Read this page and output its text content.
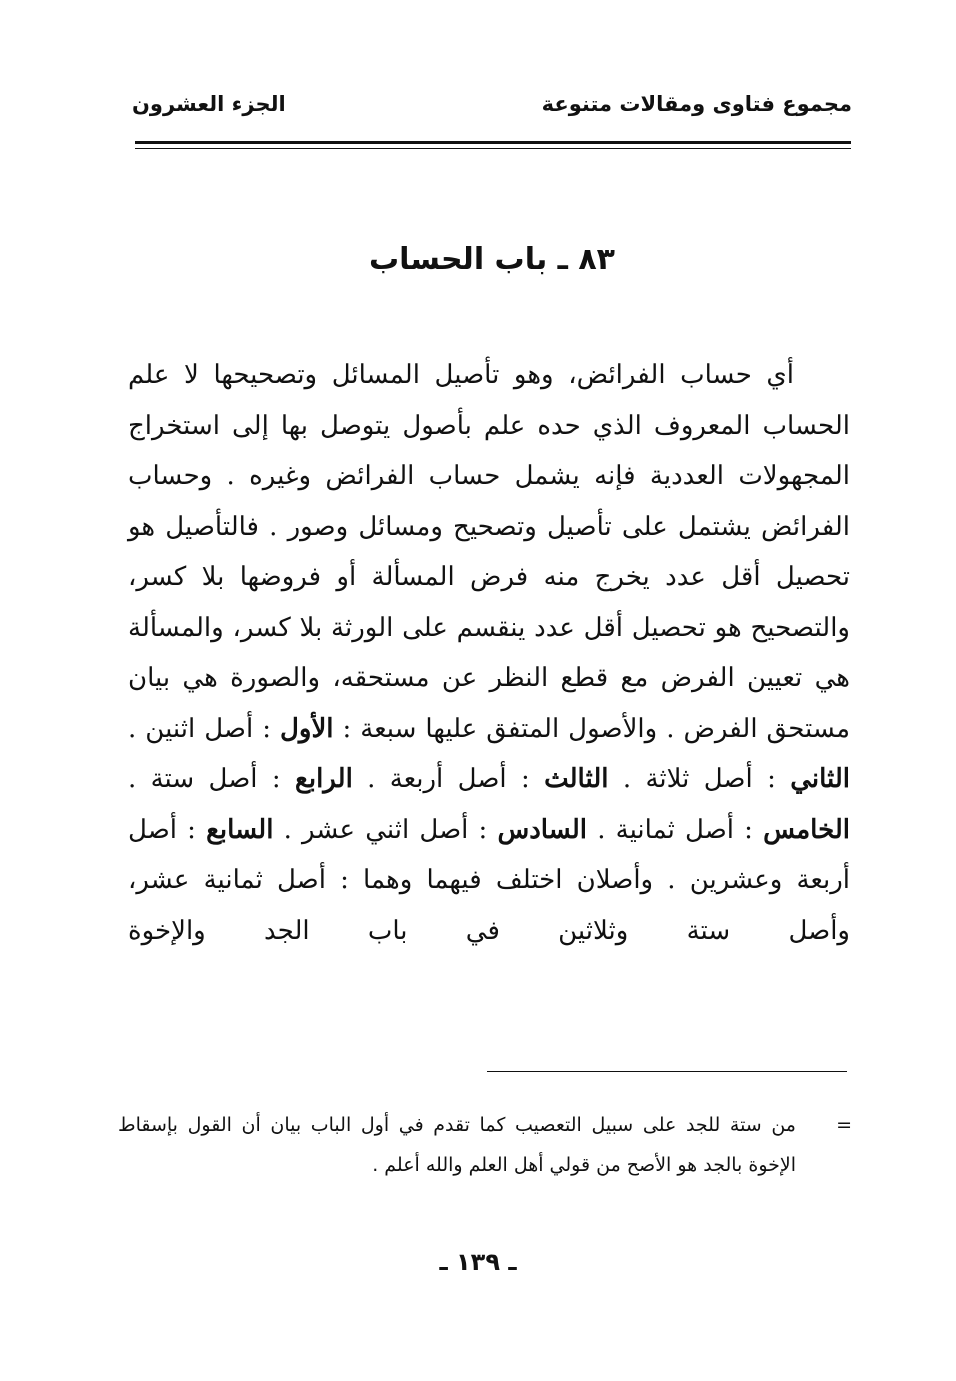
مجموع فتاوى ومقالات متنوعة
الجزء العشرون
٨٣ ـ باب الحساب

أي حساب الفرائض، وهو تأصيل المسائل وتصحيحها لا علم الحساب المعروف الذي حده علم بأصول يتوصل بها إلى استخراج المجهولات العددية فإنه يشمل حساب الفرائض وغيره . وحساب الفرائض يشتمل على تأصيل وتصحيح ومسائل وصور . فالتأصيل هو تحصيل أقل عدد يخرج منه فرض المسألة أو فروضها بلا كسر، والتصحيح هو تحصيل أقل عدد ينقسم على الورثة بلا كسر، والمسألة هي تعيين الفرض مع قطع النظر عن مستحقه، والصورة هي بيان مستحق الفرض . والأصول المتفق عليها سبعة : الأول : أصل اثنين . الثاني : أصل ثلاثة . الثالث : أصل أربعة . الرابع : أصل ستة . الخامس : أصل ثمانية . السادس : أصل اثني عشر . السابع : أصل أربعة وعشرين . وأصلان اختلف فيهما وهما : أصل ثمانية عشر، وأصل ستة وثلاثين في باب الجد والإخوة

=
من ستة للجد على سبيل التعصيب كما تقدم في أول الباب بيان أن القول بإسقاط الإخوة بالجد هو الأصح من قولي أهل العلم والله أعلم .
ـ ١٣٩ ـ
